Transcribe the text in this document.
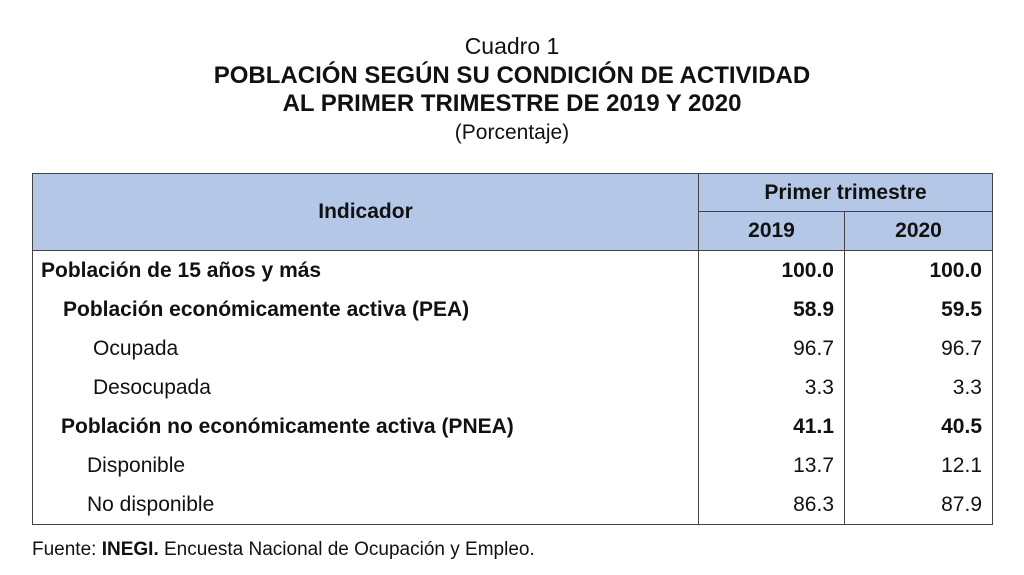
Cuadro 1
POBLACIÓN SEGÚN SU CONDICIÓN DE ACTIVIDAD
AL PRIMER TRIMESTRE DE 2019 Y 2020
(Porcentaje)
Indicador	Primer trimestre	
	2019	2020
Población de 15 años y más	100.0	100.0
Población económicamente activa (PEA)	58.9	59.5
Ocupada	96.7	96.7
Desocupada	3.3	3.3
Población no económicamente activa (PNEA)	41.1	40.5
Disponible	13.7	12.1
No disponible	86.3	87.9
Fuente: INEGI. Encuesta Nacional de Ocupación y Empleo.
